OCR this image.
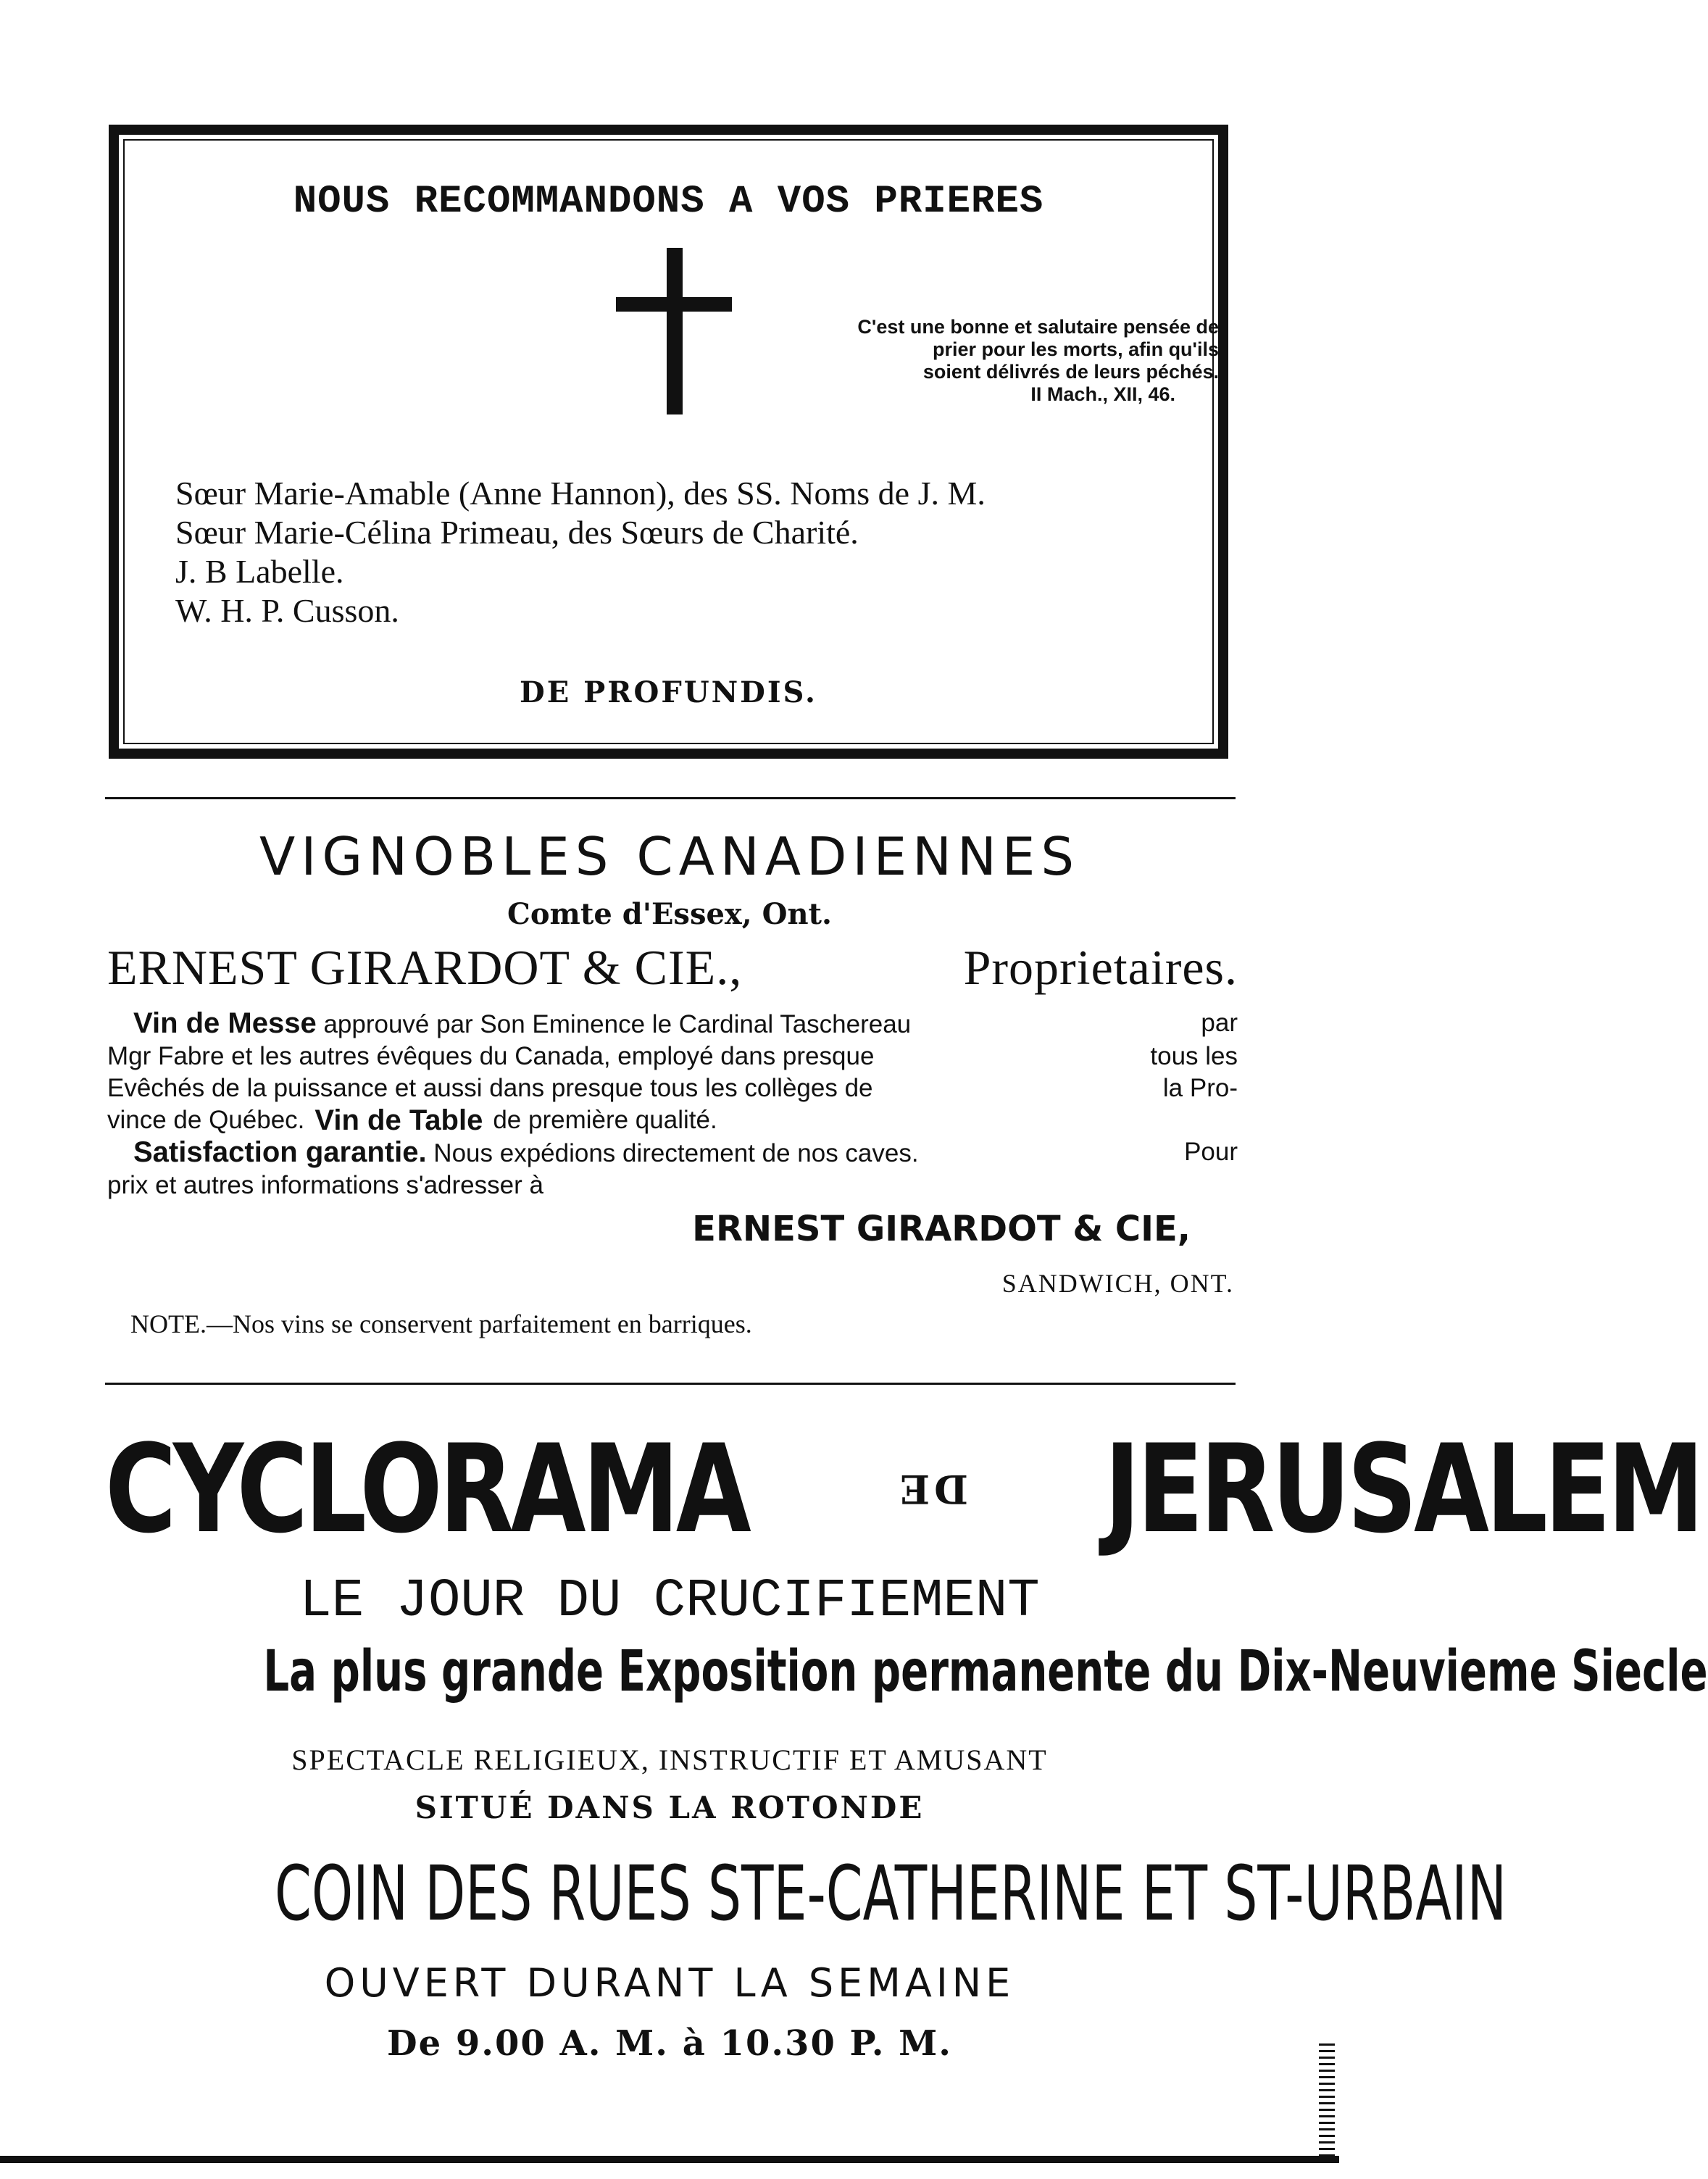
NOUS RECOMMANDONS A VOS PRIERES
C'est une bonne et salutaire pensée de
prier pour les morts, afin qu'ils
soient délivrés de leurs péchés.
II Mach., XII, 46.
Sœur Marie-Amable (Anne Hannon), des SS. Noms de J. M.
Sœur Marie-Célina Primeau, des Sœurs de Charité.
J. B Labelle.
W. H. P. Cusson.
DE PROFUNDIS.
VIGNOBLES CANADIENNES
Comte d'Essex, Ont.
ERNEST GIRARDOT & CIE.,	Proprietaires.
Vin de Messe approuvé par Son Eminence le Cardinal Taschereau	par
Mgr Fabre et les autres évêques du Canada, employé dans presque	tous les
Evêchés de la puissance et aussi dans presque tous les collèges de	la Pro-
vince de Québec. Vin de Table de première qualité.
Satisfaction garantie. Nous expédions directement de nos caves.	Pour
prix et autres informations s'adresser à
ERNEST GIRARDOT & CIE,
SANDWICH, ONT.
NOTE.—Nos vins se conservent parfaitement en barriques.
CYCLORAMA	DE JERUSALEM
LE JOUR DU CRUCIFIEMENT
La plus grande Exposition permanente du Dix-Neuvieme Siecle
SPECTACLE RELIGIEUX, INSTRUCTIF ET AMUSANT
SITUÉ DANS LA ROTONDE
COIN DES RUES STE-CATHERINE ET ST-URBAIN
OUVERT DURANT LA SEMAINE
De 9.00 A. M. à 10.30 P. M.
